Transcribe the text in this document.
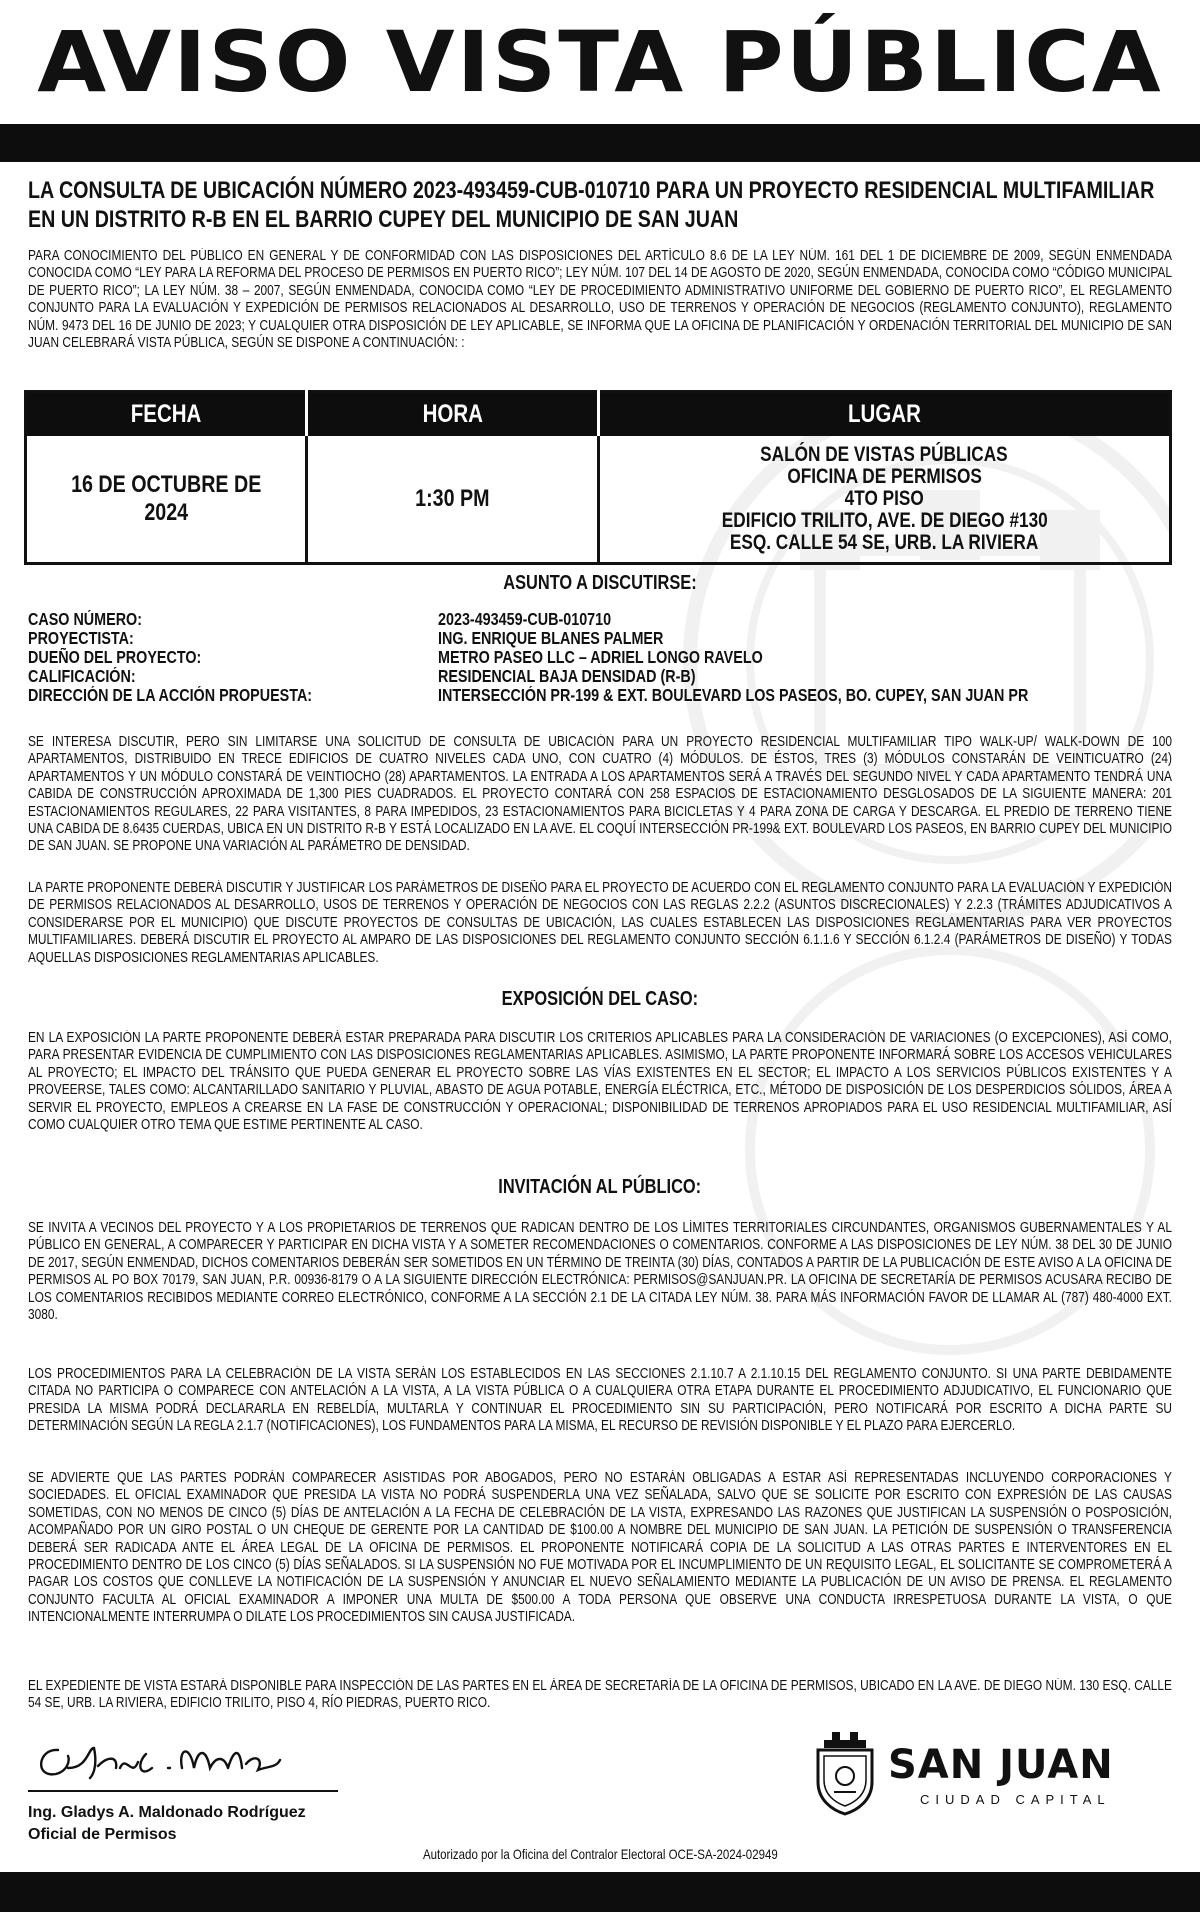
AVISO VISTA PÚBLICA
LA CONSULTA DE UBICACIÓN NÚMERO 2023-493459-CUB-010710 PARA UN PROYECTO RESIDENCIAL MULTIFAMILIAR EN UN DISTRITO R-B EN EL BARRIO CUPEY DEL MUNICIPIO DE SAN JUAN
PARA CONOCIMIENTO DEL PÚBLICO EN GENERAL Y DE CONFORMIDAD CON LAS DISPOSICIONES DEL ARTÍCULO 8.6 DE LA LEY NÚM. 161 DEL 1 DE DICIEMBRE DE 2009, SEGÚN ENMENDADA CONOCIDA COMO “LEY PARA LA REFORMA DEL PROCESO DE PERMISOS EN PUERTO RICO”; LEY NÚM. 107 DEL 14 DE AGOSTO DE 2020, SEGÚN ENMENDADA, CONOCIDA COMO “CÓDIGO MUNICIPAL DE PUERTO RICO”; LA LEY NÚM. 38 – 2007, SEGÚN ENMENDADA, CONOCIDA COMO “LEY DE PROCEDIMIENTO ADMINISTRATIVO UNIFORME DEL GOBIERNO DE PUERTO RICO”, EL REGLAMENTO CONJUNTO PARA LA EVALUACIÓN Y EXPEDICIÓN DE PERMISOS RELACIONADOS AL DESARROLLO, USO DE TERRENOS Y OPERACIÓN DE NEGOCIOS (REGLAMENTO CONJUNTO), REGLAMENTO NÚM. 9473 DEL 16 DE JUNIO DE 2023; Y CUALQUIER OTRA DISPOSICIÓN DE LEY APLICABLE, SE INFORMA QUE LA OFICINA DE PLANIFICACIÓN Y ORDENACIÓN TERRITORIAL DEL MUNICIPIO DE SAN JUAN CELEBRARÁ VISTA PÚBLICA, SEGÚN SE DISPONE A CONTINUACIÓN: :
FECHA	HORA	LUGAR
16 DE OCTUBRE DE 2024	1:30 PM	SALÓN DE VISTAS PÚBLICAS
OFICINA DE PERMISOS
4TO PISO
EDIFICIO TRILITO, AVE. DE DIEGO #130
ESQ. CALLE 54 SE, URB. LA RIVIERA
ASUNTO A DISCUTIRSE:
CASO NÚMERO:	2023-493459-CUB-010710
PROYECTISTA:	ING. ENRIQUE BLANES PALMER
DUEÑO DEL PROYECTO:	METRO PASEO LLC – ADRIEL LONGO RAVELO
CALIFICACIÓN:	RESIDENCIAL BAJA DENSIDAD (R-B)
DIRECCIÓN DE LA ACCIÓN PROPUESTA:	INTERSECCIÓN PR-199 & EXT. BOULEVARD LOS PASEOS, BO. CUPEY, SAN JUAN PR
SE INTERESA DISCUTIR, PERO SIN LIMITARSE UNA SOLICITUD DE CONSULTA DE UBICACIÓN PARA UN PROYECTO RESIDENCIAL MULTIFAMILIAR TIPO WALK-UP/ WALK-DOWN DE 100 APARTAMENTOS, DISTRIBUIDO EN TRECE EDIFICIOS DE CUATRO NIVELES CADA UNO, CON CUATRO (4) MÓDULOS. DE ÉSTOS, TRES (3) MÓDULOS CONSTARÁN DE VEINTICUATRO (24) APARTAMENTOS Y UN MÓDULO CONSTARÁ DE VEINTIOCHO (28) APARTAMENTOS. LA ENTRADA A LOS APARTAMENTOS SERÁ A TRAVÉS DEL SEGUNDO NIVEL Y CADA APARTAMENTO TENDRÁ UNA CABIDA DE CONSTRUCCIÓN APROXIMADA DE 1,300 PIES CUADRADOS. EL PROYECTO CONTARÁ CON 258 ESPACIOS DE ESTACIONAMIENTO DESGLOSADOS DE LA SIGUIENTE MANERA: 201 ESTACIONAMIENTOS REGULARES, 22 PARA VISITANTES, 8 PARA IMPEDIDOS, 23 ESTACIONAMIENTOS PARA BICICLETAS Y 4 PARA ZONA DE CARGA Y DESCARGA. EL PREDIO DE TERRENO TIENE UNA CABIDA DE 8.6435 CUERDAS, UBICA EN UN DISTRITO R-B Y ESTÁ LOCALIZADO EN LA AVE. EL COQUÍ INTERSECCIÓN PR-199& EXT. BOULEVARD LOS PASEOS, EN BARRIO CUPEY DEL MUNICIPIO DE SAN JUAN. SE PROPONE UNA VARIACIÓN AL PARÁMETRO DE DENSIDAD.
LA PARTE PROPONENTE DEBERÁ DISCUTIR Y JUSTIFICAR LOS PARÁMETROS DE DISEÑO PARA EL PROYECTO DE ACUERDO CON EL REGLAMENTO CONJUNTO PARA LA EVALUACIÓN Y EXPEDICIÓN DE PERMISOS RELACIONADOS AL DESARROLLO, USOS DE TERRENOS Y OPERACIÓN DE NEGOCIOS CON LAS REGLAS 2.2.2 (ASUNTOS DISCRECIONALES) Y 2.2.3 (TRÁMITES ADJUDICATIVOS A CONSIDERARSE POR EL MUNICIPIO) QUE DISCUTE PROYECTOS DE CONSULTAS DE UBICACIÓN, LAS CUALES ESTABLECEN LAS DISPOSICIONES REGLAMENTARIAS PARA VER PROYECTOS MULTIFAMILIARES. DEBERÁ DISCUTIR EL PROYECTO AL AMPARO DE LAS DISPOSICIONES DEL REGLAMENTO CONJUNTO SECCIÓN 6.1.1.6 Y SECCIÓN 6.1.2.4 (PARÁMETROS DE DISEÑO) Y TODAS AQUELLAS DISPOSICIONES REGLAMENTARIAS APLICABLES.
EXPOSICIÓN DEL CASO:
EN LA EXPOSICIÓN LA PARTE PROPONENTE DEBERÁ ESTAR PREPARADA PARA DISCUTIR LOS CRITERIOS APLICABLES PARA LA CONSIDERACIÓN DE VARIACIONES (O EXCEPCIONES), ASÍ COMO, PARA PRESENTAR EVIDENCIA DE CUMPLIMIENTO CON LAS DISPOSICIONES REGLAMENTARIAS APLICABLES. ASIMISMO, LA PARTE PROPONENTE INFORMARÁ SOBRE LOS ACCESOS VEHICULARES AL PROYECTO; EL IMPACTO DEL TRÁNSITO QUE PUEDA GENERAR EL PROYECTO SOBRE LAS VÍAS EXISTENTES EN EL SECTOR; EL IMPACTO A LOS SERVICIOS PÚBLICOS EXISTENTES Y A PROVEERSE, TALES COMO: ALCANTARILLADO SANITARIO Y PLUVIAL, ABASTO DE AGUA POTABLE, ENERGÍA ELÉCTRICA, ETC., MÉTODO DE DISPOSICIÓN DE LOS DESPERDICIOS SÓLIDOS, ÁREA A SERVIR EL PROYECTO, EMPLEOS A CREARSE EN LA FASE DE CONSTRUCCIÓN Y OPERACIONAL; DISPONIBILIDAD DE TERRENOS APROPIADOS PARA EL USO RESIDENCIAL MULTIFAMILIAR, ASÍ COMO CUALQUIER OTRO TEMA QUE ESTIME PERTINENTE AL CASO.
INVITACIÓN AL PÚBLICO:
SE INVITA A VECINOS DEL PROYECTO Y A LOS PROPIETARIOS DE TERRENOS QUE RADICAN DENTRO DE LOS LÍMITES TERRITORIALES CIRCUNDANTES, ORGANISMOS GUBERNAMENTALES Y AL PÚBLICO EN GENERAL, A COMPARECER Y PARTICIPAR EN DICHA VISTA Y A SOMETER RECOMENDACIONES O COMENTARIOS. CONFORME A LAS DISPOSICIONES DE LEY NÚM. 38 DEL 30 DE JUNIO DE 2017, SEGÚN ENMENDAD, DICHOS COMENTARIOS DEBERÁN SER SOMETIDOS EN UN TÉRMINO DE TREINTA (30) DÍAS, CONTADOS A PARTIR DE LA PUBLICACIÓN DE ESTE AVISO A LA OFICINA DE PERMISOS AL PO BOX 70179, SAN JUAN, P.R. 00936-8179 O A LA SIGUIENTE DIRECCIÓN ELECTRÓNICA: PERMISOS@SANJUAN.PR. LA OFICINA DE SECRETARÍA DE PERMISOS ACUSARA RECIBO DE LOS COMENTARIOS RECIBIDOS MEDIANTE CORREO ELECTRÓNICO, CONFORME A LA SECCIÓN 2.1 DE LA CITADA LEY NÚM. 38. PARA MÁS INFORMACIÓN FAVOR DE LLAMAR AL (787) 480-4000 EXT. 3080.
LOS PROCEDIMIENTOS PARA LA CELEBRACIÓN DE LA VISTA SERÁN LOS ESTABLECIDOS EN LAS SECCIONES 2.1.10.7 A 2.1.10.15 DEL REGLAMENTO CONJUNTO. SI UNA PARTE DEBIDAMENTE CITADA NO PARTICIPA O COMPARECE CON ANTELACIÓN A LA VISTA, A LA VISTA PÚBLICA O A CUALQUIERA OTRA ETAPA DURANTE EL PROCEDIMIENTO ADJUDICATIVO, EL FUNCIONARIO QUE PRESIDA LA MISMA PODRÁ DECLARARLA EN REBELDÍA, MULTARLA Y CONTINUAR EL PROCEDIMIENTO SIN SU PARTICIPACIÓN, PERO NOTIFICARÁ POR ESCRITO A DICHA PARTE SU DETERMINACIÓN SEGÚN LA REGLA 2.1.7 (NOTIFICACIONES), LOS FUNDAMENTOS PARA LA MISMA, EL RECURSO DE REVISIÓN DISPONIBLE Y EL PLAZO PARA EJERCERLO.
SE ADVIERTE QUE LAS PARTES PODRÁN COMPARECER ASISTIDAS POR ABOGADOS, PERO NO ESTARÁN OBLIGADAS A ESTAR ASÍ REPRESENTADAS INCLUYENDO CORPORACIONES Y SOCIEDADES. EL OFICIAL EXAMINADOR QUE PRESIDA LA VISTA NO PODRÁ SUSPENDERLA UNA VEZ SEÑALADA, SALVO QUE SE SOLICITE POR ESCRITO CON EXPRESIÓN DE LAS CAUSAS SOMETIDAS, CON NO MENOS DE CINCO (5) DÍAS DE ANTELACIÓN A LA FECHA DE CELEBRACIÓN DE LA VISTA, EXPRESANDO LAS RAZONES QUE JUSTIFICAN LA SUSPENSIÓN O POSPOSICIÓN, ACOMPAÑADO POR UN GIRO POSTAL O UN CHEQUE DE GERENTE POR LA CANTIDAD DE $100.00 A NOMBRE DEL MUNICIPIO DE SAN JUAN. LA PETICIÓN DE SUSPENSIÓN O TRANSFERENCIA DEBERÁ SER RADICADA ANTE EL ÁREA LEGAL DE LA OFICINA DE PERMISOS. EL PROPONENTE NOTIFICARÁ COPIA DE LA SOLICITUD A LAS OTRAS PARTES E INTERVENTORES EN EL PROCEDIMIENTO DENTRO DE LOS CINCO (5) DÍAS SEÑALADOS. SI LA SUSPENSIÓN NO FUE MOTIVADA POR EL INCUMPLIMIENTO DE UN REQUISITO LEGAL, EL SOLICITANTE SE COMPROMETERÁ A PAGAR LOS COSTOS QUE CONLLEVE LA NOTIFICACIÓN DE LA SUSPENSIÓN Y ANUNCIAR EL NUEVO SEÑALAMIENTO MEDIANTE LA PUBLICACIÓN DE UN AVISO DE PRENSA. EL REGLAMENTO CONJUNTO FACULTA AL OFICIAL EXAMINADOR A IMPONER UNA MULTA DE $500.00 A TODA PERSONA QUE OBSERVE UNA CONDUCTA IRRESPETUOSA DURANTE LA VISTA, O QUE INTENCIONALMENTE INTERRUMPA O DILATE LOS PROCEDIMIENTOS SIN CAUSA JUSTIFICADA.
EL EXPEDIENTE DE VISTA ESTARÁ DISPONIBLE PARA INSPECCIÓN DE LAS PARTES EN EL ÁREA DE SECRETARÍA DE LA OFICINA DE PERMISOS, UBICADO EN LA AVE. DE DIEGO NÚM. 130 ESQ. CALLE 54 SE, URB. LA RIVIERA, EDIFICIO TRILITO, PISO 4, RÍO PIEDRAS, PUERTO RICO.
Ing. Gladys A. Maldonado Rodríguez
Oficial de Permisos
SAN JUAN
CIUDAD CAPITAL
Autorizado por la Oficina del Contralor Electoral OCE-SA-2024-02949
